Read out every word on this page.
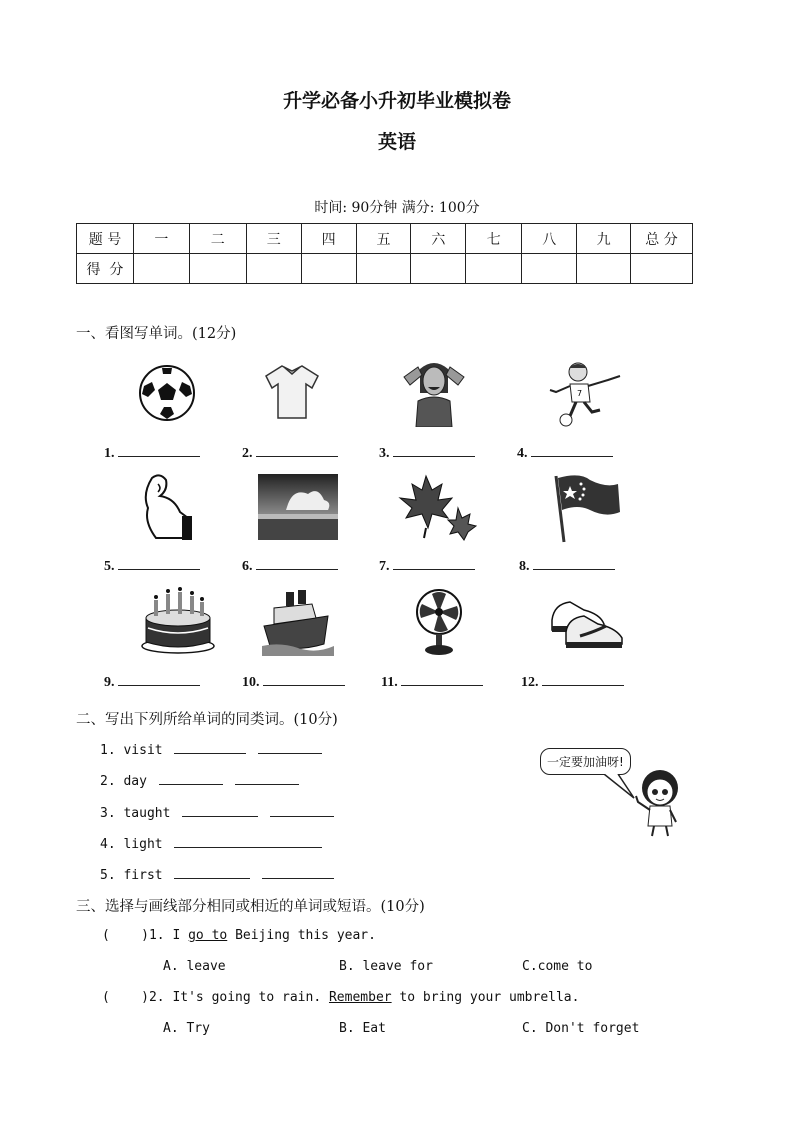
升学必备小升初毕业模拟卷
英语
时间: 90分钟 满分: 100分
题 号	一	二	三	四	五	六	七	八	九	总 分
得  分										
一、看图写单词。(12分)
7
1.	2.	3.	4.
5.	6.	7.	8.
9.	10.	11.	12.
二、写出下列所给单词的同类词。(10分)
1. visit
2. day
3. taught
4. light
5. first
一定要加油呀!
三、选择与画线部分相同或相近的单词或短语。(10分)
(    )1. I go to Beijing this year.
A. leave	B. leave for	C.come to
(    )2. It's going to rain. Remember to bring your umbrella.
A. Try	B. Eat	C. Don't forget
